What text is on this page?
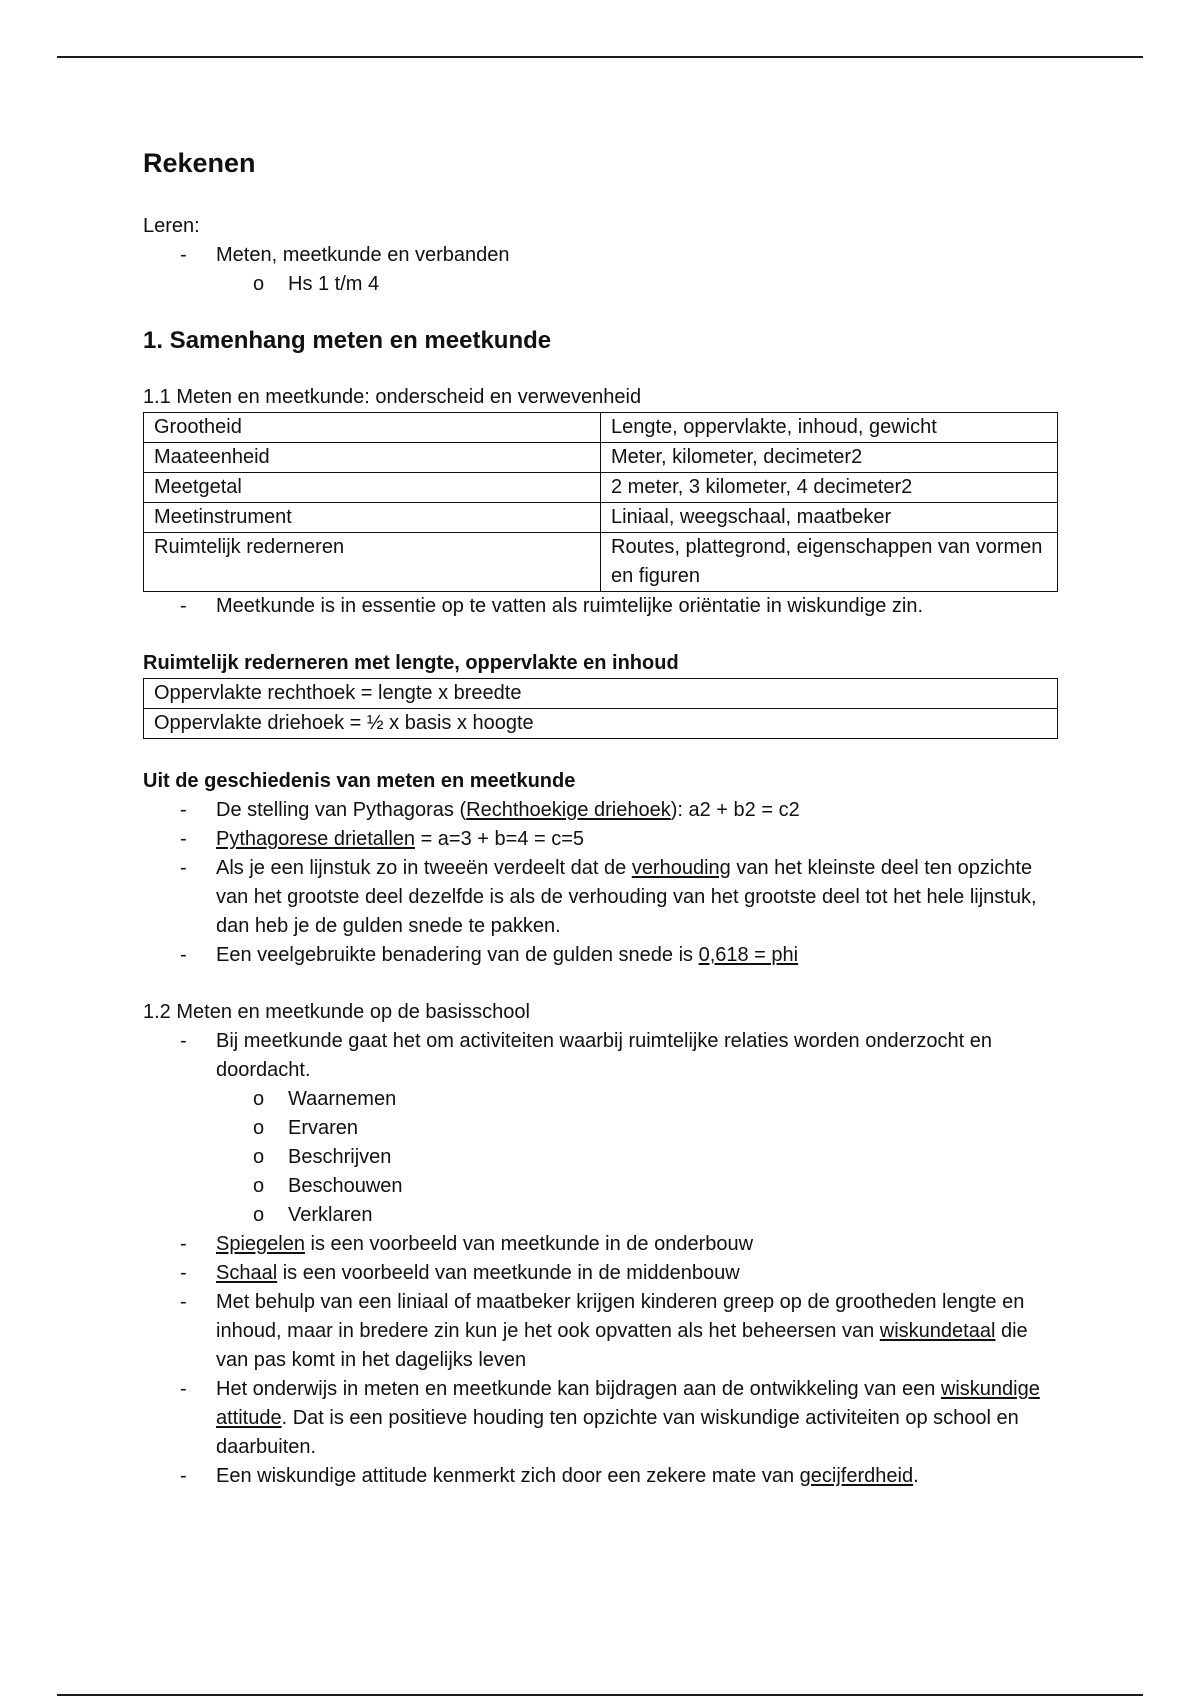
Rekenen

Leren:

- Meten, meetkunde en verbanden
o Hs 1 t/m 4
1. Samenhang meten en meetkunde

1.1 Meten en meetkunde: onderscheid en verwevenheid

Grootheid	Lengte, oppervlakte, inhoud, gewicht
Maateenheid	Meter, kilometer, decimeter2
Meetgetal	2 meter, 3 kilometer, 4 decimeter2
Meetinstrument	Liniaal, weegschaal, maatbeker
Ruimtelijk rederneren	Routes, plattegrond, eigenschappen van vormen en figuren
- Meetkunde is in essentie op te vatten als ruimtelijke oriëntatie in wiskundige zin.

Ruimtelijk rederneren met lengte, oppervlakte en inhoud

Oppervlakte rechthoek = lengte x breedte
Oppervlakte driehoek = ½ x basis x hoogte

Uit de geschiedenis van meten en meetkunde

- De stelling van Pythagoras (Rechthoekige driehoek): a2 + b2 = c2
- Pythagorese drietallen = a=3 + b=4 = c=5
- Als je een lijnstuk zo in tweeën verdeelt dat de verhouding van het kleinste deel ten opzichte van het grootste deel dezelfde is als de verhouding van het grootste deel tot het hele lijnstuk, dan heb je de gulden snede te pakken.
- Een veelgebruikte benadering van de gulden snede is 0,618 = phi

1.2 Meten en meetkunde op de basisschool

- Bij meetkunde gaat het om activiteiten waarbij ruimtelijke relaties worden onderzocht en doordacht.
o Waarnemen
o Ervaren
o Beschrijven
o Beschouwen
o Verklaren
- Spiegelen is een voorbeeld van meetkunde in de onderbouw
- Schaal is een voorbeeld van meetkunde in de middenbouw
- Met behulp van een liniaal of maatbeker krijgen kinderen greep op de grootheden lengte en inhoud, maar in bredere zin kun je het ook opvatten als het beheersen van wiskundetaal die van pas komt in het dagelijks leven
- Het onderwijs in meten en meetkunde kan bijdragen aan de ontwikkeling van een wiskundige attitude. Dat is een positieve houding ten opzichte van wiskundige activiteiten op school en daarbuiten.
- Een wiskundige attitude kenmerkt zich door een zekere mate van gecijferdheid.
